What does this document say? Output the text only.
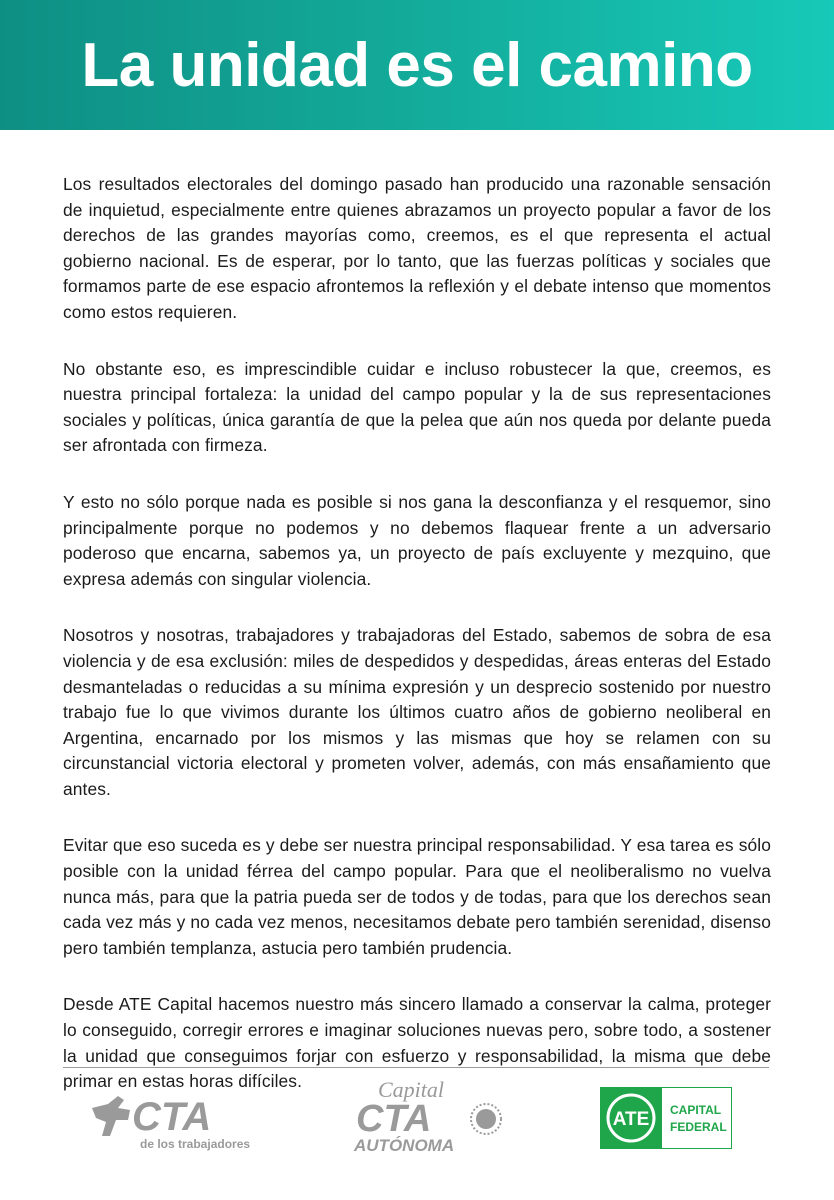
La unidad es el camino

Los resultados electorales del domingo pasado han producido una razonable sensación de inquietud, especialmente entre quienes abrazamos un proyecto popular a favor de los derechos de las grandes mayorías como, creemos, es el que representa el actual gobierno nacional. Es de esperar, por lo tanto, que las fuerzas políticas y sociales que formamos parte de ese espacio afrontemos la reflexión y el debate intenso que momentos como estos requieren.

No obstante eso, es imprescindible cuidar e incluso robustecer la que, creemos, es nuestra principal fortaleza: la unidad del campo popular y la de sus representaciones sociales y políticas, única garantía de que la pelea que aún nos queda por delante pueda ser afrontada con firmeza.

Y esto no sólo porque nada es posible si nos gana la desconfianza y el resquemor, sino principalmente porque no podemos y no debemos flaquear frente a un adversario poderoso que encarna, sabemos ya, un proyecto de país excluyente y mezquino, que expresa además con singular violencia.

Nosotros y nosotras, trabajadores y trabajadoras del Estado, sabemos de sobra de esa violencia y de esa exclusión: miles de despedidos y despedidas, áreas enteras del Estado desmanteladas o reducidas a su mínima expresión y un desprecio sostenido por nuestro trabajo fue lo que vivimos durante los últimos cuatro años de gobierno neoliberal en Argentina, encarnado por los mismos y las mismas que hoy se relamen con su circunstancial victoria electoral y prometen volver, además, con más ensañamiento que antes.

Evitar que eso suceda es y debe ser nuestra principal responsabilidad. Y esa tarea es sólo posible con la unidad férrea del campo popular. Para que el neoliberalismo no vuelva nunca más, para que la patria pueda ser de todos y de todas, para que los derechos sean cada vez más y no cada vez menos, necesitamos debate pero también serenidad, disenso pero también templanza, astucia pero también prudencia.

Desde ATE Capital hacemos nuestro más sincero llamado a conservar la calma, proteger lo conseguido, corregir errores e imaginar soluciones nuevas pero, sobre todo, a sostener la unidad que conseguimos forjar con esfuerzo y responsabilidad, la misma que debe primar en estas horas difíciles.

CTA
de los trabajadores
Capital
CTA
AUTÓNOMA
ATE CAPITAL
FEDERAL
